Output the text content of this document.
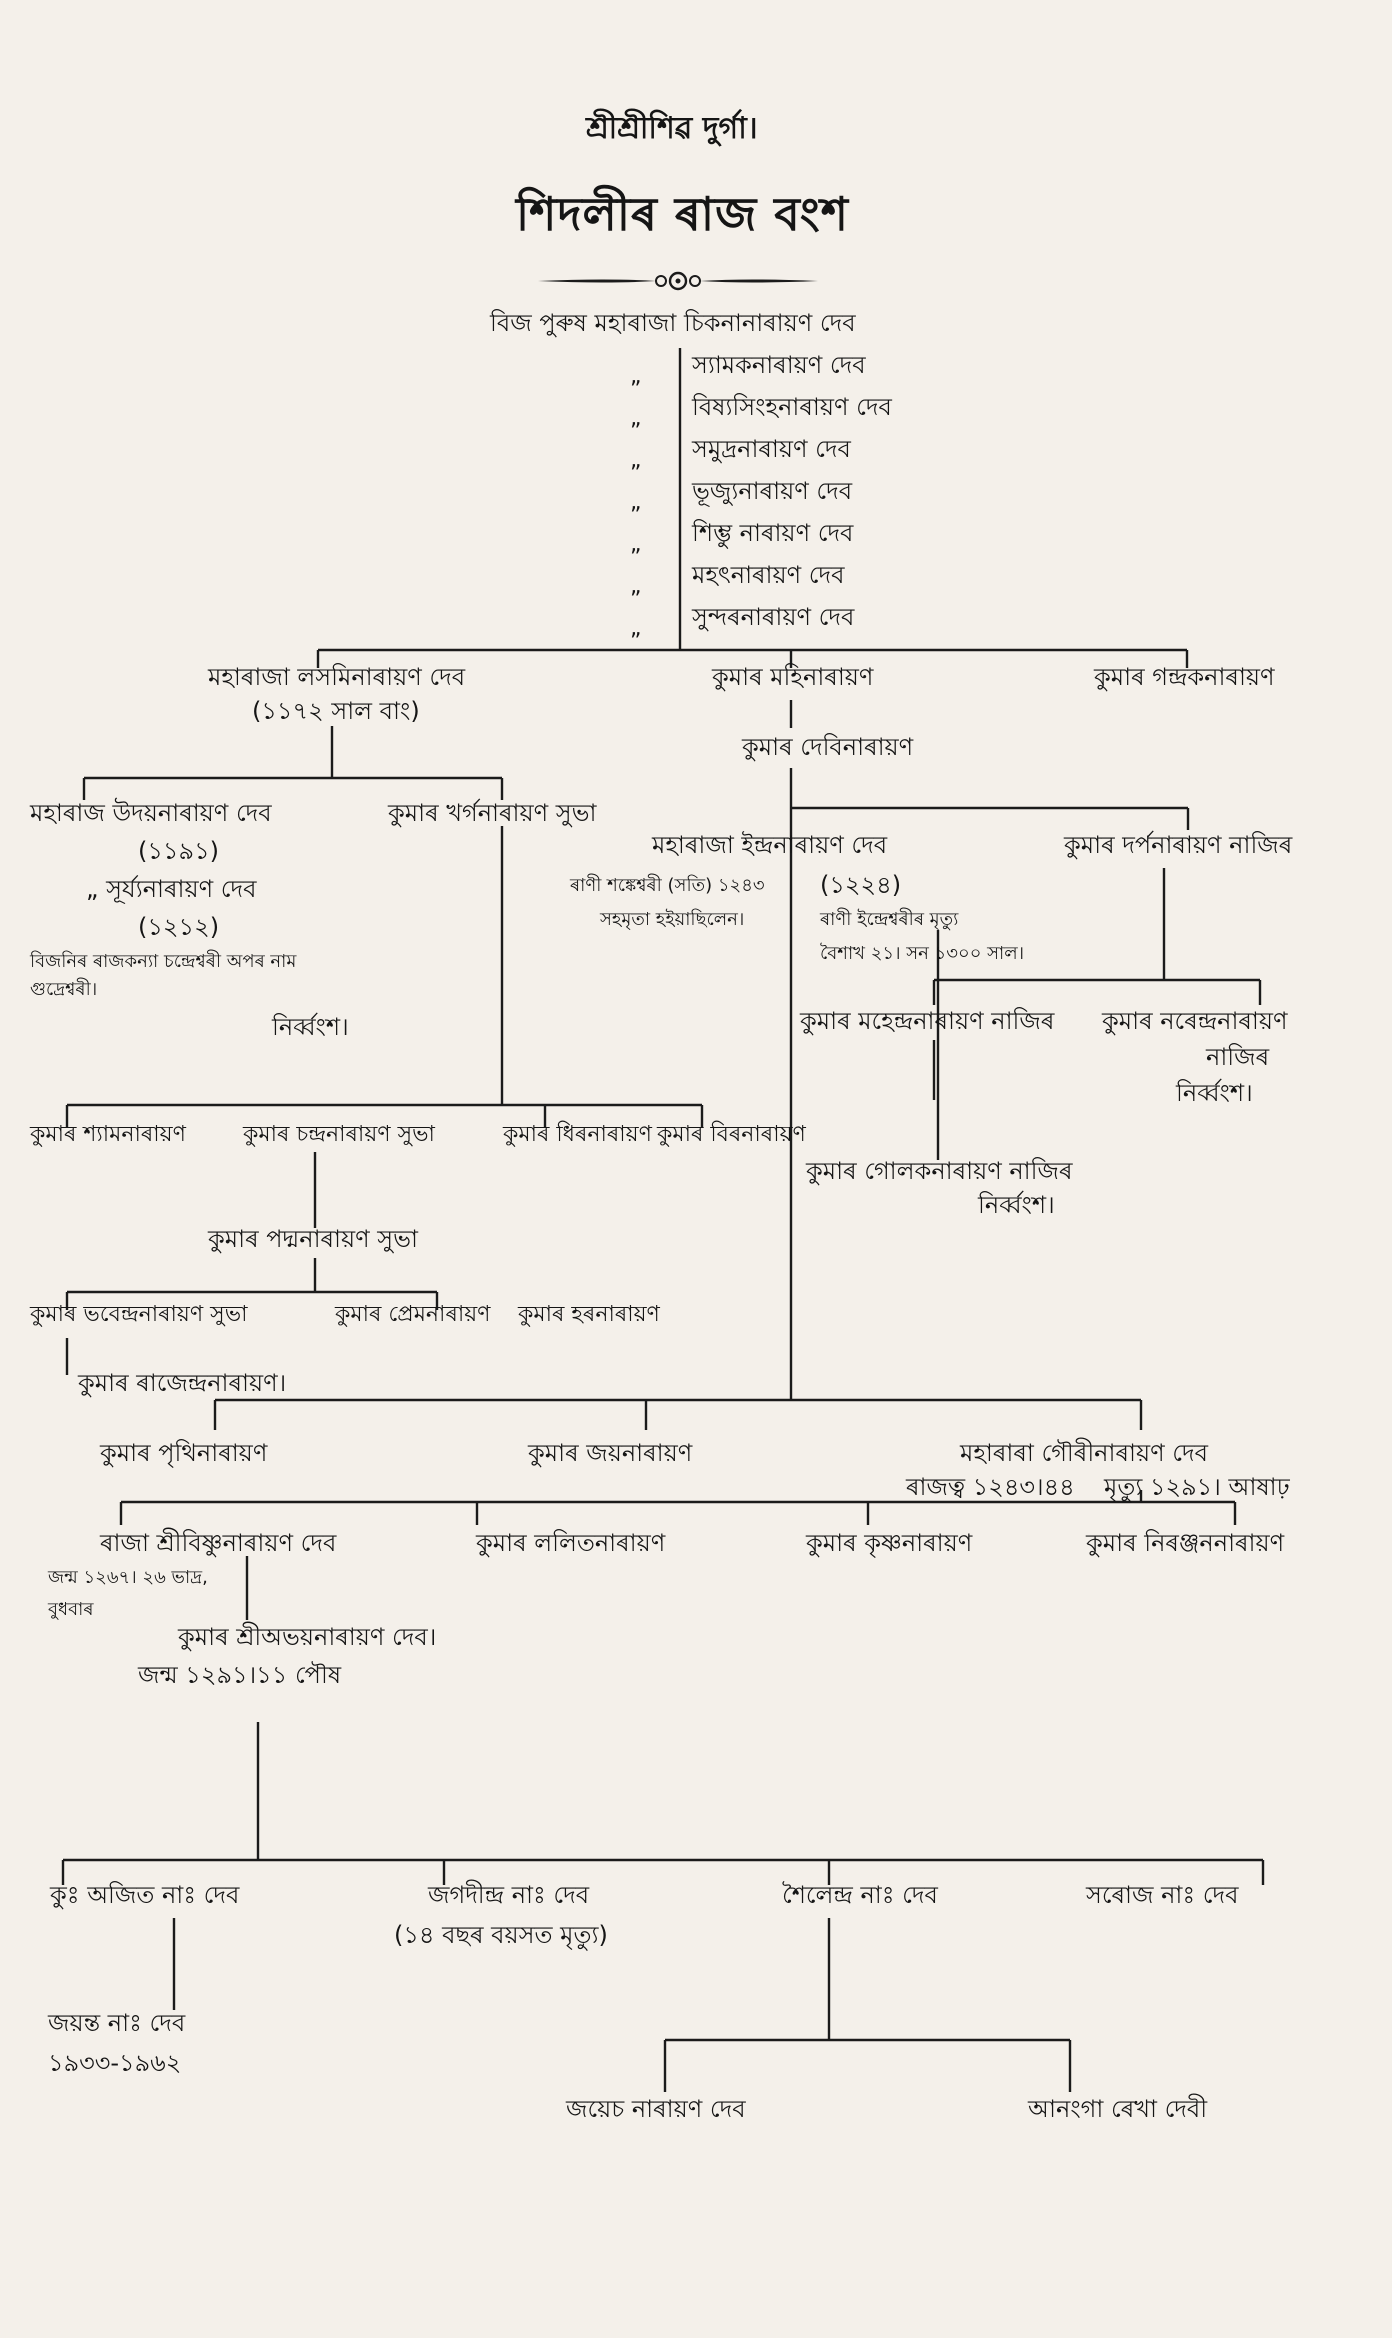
শ্ৰীশ্ৰীশিৱ দুৰ্গা।
শিদলীৰ ৰাজ বংশ
বিজ পুৰুষ মহাৰাজা চিকনানাৰায়ণ দেব
„ স্যামকনাৰায়ণ দেব
„ বিষ্যসিংহনাৰায়ণ দেব
„ সমুদ্ৰনাৰায়ণ দেব
„ ভূজ্যুনাৰায়ণ দেব
„ শিম্ভু নাৰায়ণ দেব
„ মহৎনাৰায়ণ দেব
„ সুন্দৰনাৰায়ণ দেব
মহাৰাজা লসমিনাৰায়ণ দেব
(১১৭২ সাল বাং)
কুমাৰ মহিনাৰায়ণ	কুমাৰ গন্দ্ৰকনাৰায়ণ
কুমাৰ দেবিনাৰায়ণ
মহাৰাজ উদয়নাৰায়ণ দেব
(১১৯১)
কুমাৰ খৰ্গনাৰায়ণ সুভা
„ সূৰ্য্যনাৰায়ণ দেব
(১২১২)
বিজনিৰ ৰাজকন্যা চন্দ্ৰেশ্বৰী অপৰ নাম
গুদ্ৰেশ্বৰী।
নিৰ্ব্বংশ।
মহাৰাজা ইন্দ্ৰনাৰায়ণ দেব
ৰাণী শঙ্কেশ্বৰী (সতি) ১২৪৩
সহমৃতা হইয়াছিলেন।
(১২২৪)
ৰাণী ইন্দ্ৰেশ্বৰীৰ মৃত্যু
বৈশাখ ২১। সন ১৩০০ সাল।
কুমাৰ দৰ্পনাৰায়ণ নাজিৰ
কুমাৰ মহেন্দ্ৰনাৰায়ণ নাজিৰ কুমাৰ নৰেন্দ্ৰনাৰায়ণ
নাজিৰ
নিৰ্ব্বংশ।
কুমাৰ শ্যামনাৰায়ণ	কুমাৰ চন্দ্ৰনাৰায়ণ সুভা	কুমাৰ ধিৰনাৰায়ণ কুমাৰ বিৰনাৰায়ণ
কুমাৰ গোলকনাৰায়ণ নাজিৰ
নিৰ্ব্বংশ।
কুমাৰ পদ্মনাৰায়ণ সুভা
কুমাৰ ভবেন্দ্ৰনাৰায়ণ সুভা	কুমাৰ প্ৰেমনাৰায়ণ কুমাৰ হৰনাৰায়ণ
কুমাৰ ৰাজেন্দ্ৰনাৰায়ণ।
কুমাৰ পৃথিনাৰায়ণ	কুমাৰ জয়নাৰায়ণ	মহাৰাৰা গৌৰীনাৰায়ণ দেব
ৰাজত্ব ১২৪৩।৪৪ মৃত্যু ১২৯১। আষাঢ়
ৰাজা শ্ৰীবিষ্ণুনাৰায়ণ দেব
জন্ম ১২৬৭। ২৬ ভাদ্ৰ,
বুধবাৰ
কুমাৰ ললিতনাৰায়ণ	কুমাৰ কৃষ্ণনাৰায়ণ	কুমাৰ নিৰঞ্জননাৰায়ণ
কুমাৰ শ্ৰীঅভয়নাৰায়ণ দেব।
জন্ম ১২৯১।১১ পৌষ
কুঃ অজিত নাঃ দেব	জগদীন্দ্ৰ নাঃ দেব
(১৪ বছৰ বয়সত মৃত্যু)
শৈলেন্দ্ৰ নাঃ দেব	সৰোজ নাঃ দেব
জয়ন্ত নাঃ দেব
১৯৩৩-১৯৬২
জয়েচ নাৰায়ণ দেব	আনংগা ৰেখা দেবী
